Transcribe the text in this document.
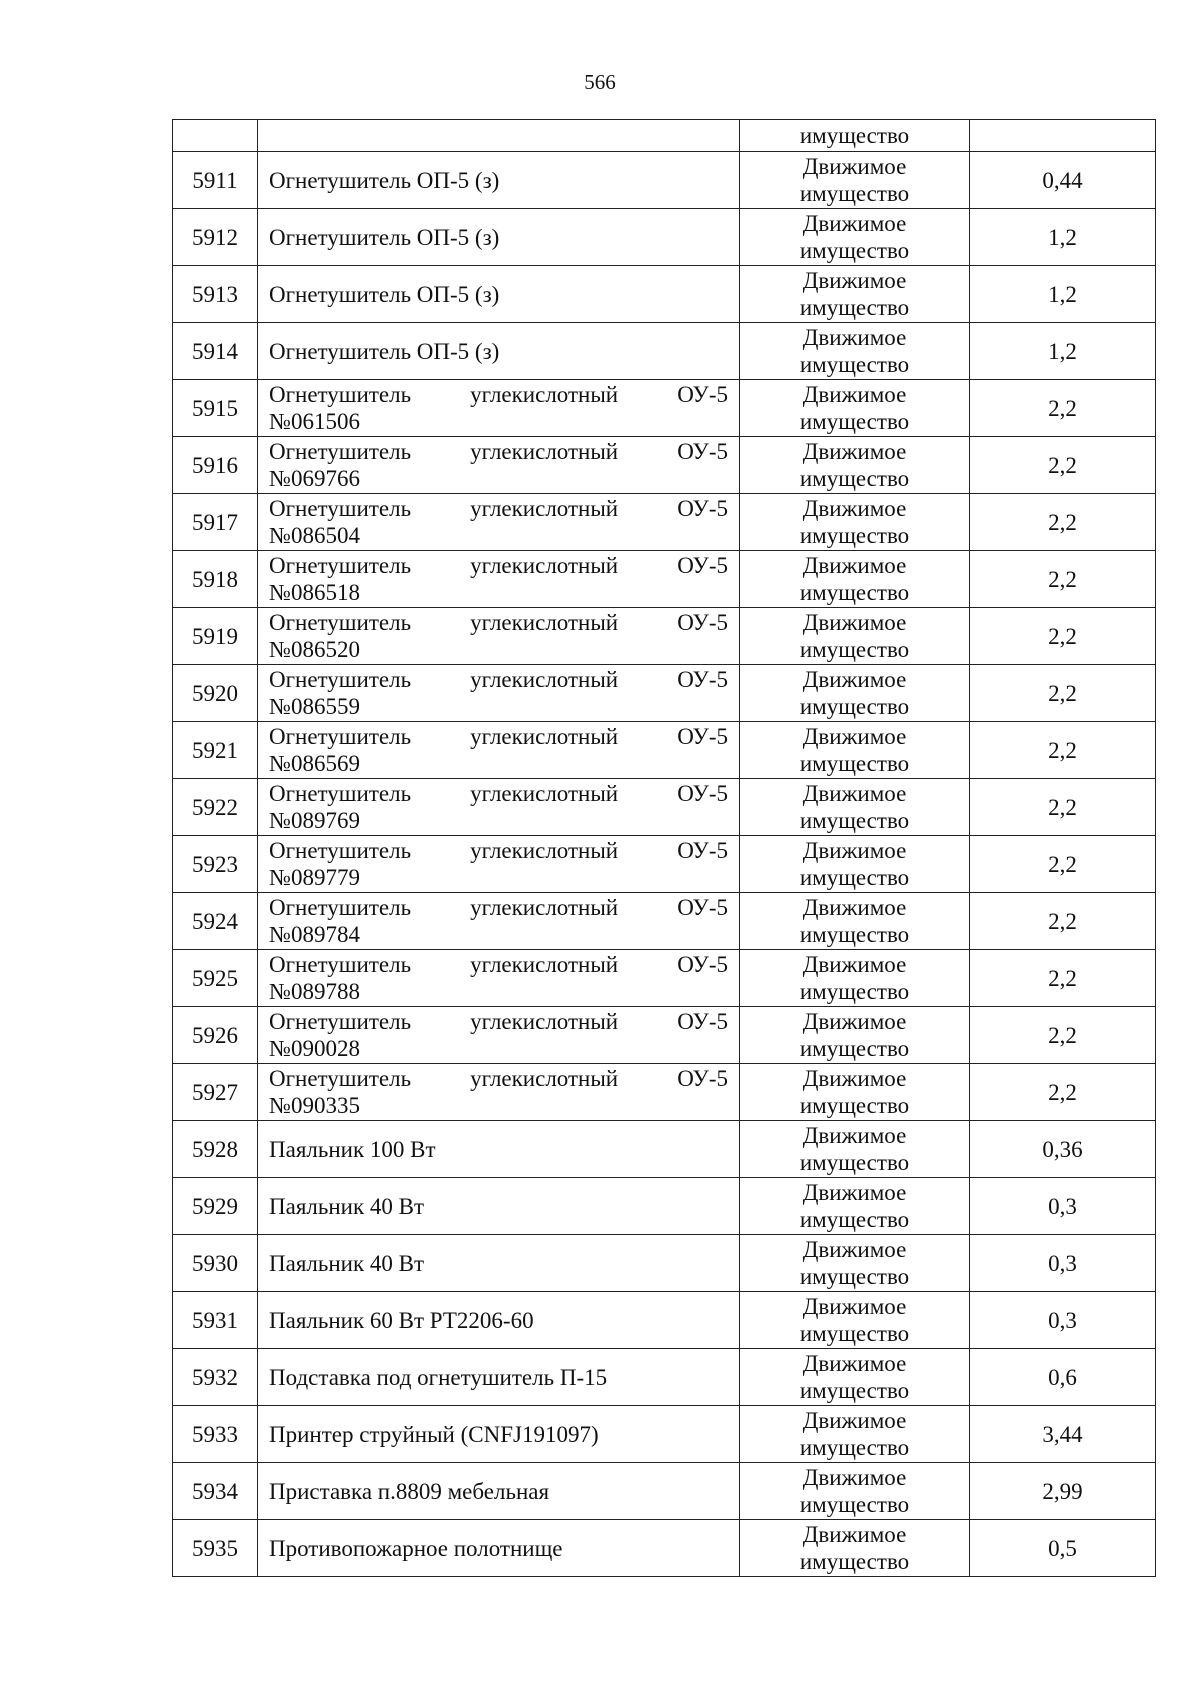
566

		имущество	

5911	Огнетушитель ОП-5 (з)	Движимое
имущество	0,44
5912	Огнетушитель ОП-5 (з)	Движимое
имущество	1,2
5913	Огнетушитель ОП-5 (з)	Движимое
имущество	1,2
5914	Огнетушитель ОП-5 (з)	Движимое
имущество	1,2
5915	Огнетушитель углекислотный ОУ-5
№061506	Движимое
имущество	2,2
5916	Огнетушитель углекислотный ОУ-5
№069766	Движимое
имущество	2,2
5917	Огнетушитель углекислотный ОУ-5
№086504	Движимое
имущество	2,2
5918	Огнетушитель углекислотный ОУ-5
№086518	Движимое
имущество	2,2
5919	Огнетушитель углекислотный ОУ-5
№086520	Движимое
имущество	2,2
5920	Огнетушитель углекислотный ОУ-5
№086559	Движимое
имущество	2,2
5921	Огнетушитель углекислотный ОУ-5
№086569	Движимое
имущество	2,2
5922	Огнетушитель углекислотный ОУ-5
№089769	Движимое
имущество	2,2
5923	Огнетушитель углекислотный ОУ-5
№089779	Движимое
имущество	2,2
5924	Огнетушитель углекислотный ОУ-5
№089784	Движимое
имущество	2,2
5925	Огнетушитель углекислотный ОУ-5
№089788	Движимое
имущество	2,2
5926	Огнетушитель углекислотный ОУ-5
№090028	Движимое
имущество	2,2
5927	Огнетушитель углекислотный ОУ-5
№090335	Движимое
имущество	2,2
5928	Паяльник 100 Вт	Движимое
имущество	0,36
5929	Паяльник 40 Вт	Движимое
имущество	0,3
5930	Паяльник 40 Вт	Движимое
имущество	0,3
5931	Паяльник 60 Вт РТ2206-60	Движимое
имущество	0,3
5932	Подставка под огнетушитель П-15	Движимое
имущество	0,6
5933	Принтер струйный (CNFJ191097)	Движимое
имущество	3,44
5934	Приставка п.8809 мебельная	Движимое
имущество	2,99
5935	Противопожарное полотнище	Движимое
имущество	0,5
